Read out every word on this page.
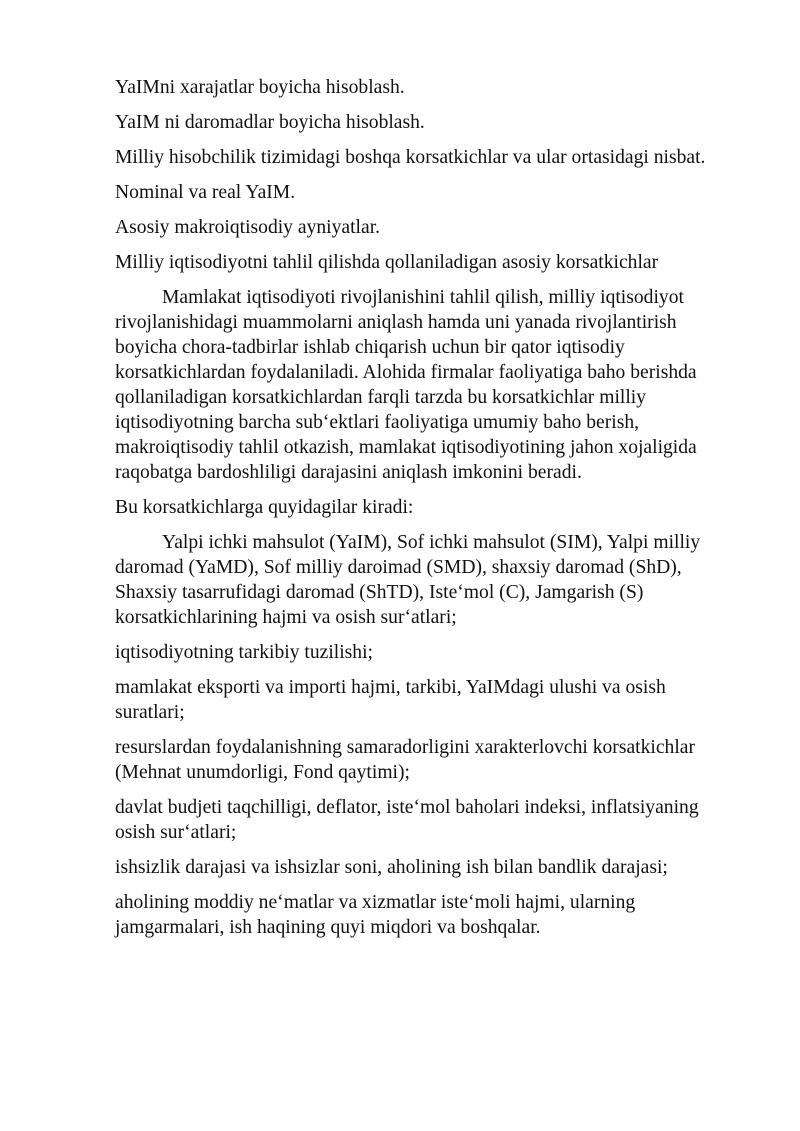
YaIMni xarajatlar boyicha hisoblash.

YaIM ni daromadlar boyicha hisoblash.

Milliy hisobchilik tizimidagi boshqa korsatkichlar va ular ortasidagi nisbat.

Nominal va real YaIM.

Asosiy makroiqtisodiy ayniyatlar.

Milliy iqtisodiyotni tahlil qilishda qollaniladigan asosiy korsatkichlar

Mamlakat iqtisodiyoti rivojlanishini tahlil qilish, milliy iqtisodiyot rivojlanishidagi muammolarni aniqlash hamda uni yanada rivojlantirish boyicha chora-tadbirlar ishlab chiqarish uchun bir qator iqtisodiy korsatkichlardan foydalaniladi. Alohida firmalar faoliyatiga baho berishda qollaniladigan korsatkichlardan farqli tarzda bu korsatkichlar milliy iqtisodiyotning barcha sub‘ektlari faoliyatiga umumiy baho berish, makroiqtisodiy tahlil otkazish, mamlakat iqtisodiyotining jahon xojaligida raqobatga bardoshliligi darajasini aniqlash imkonini beradi.

Bu korsatkichlarga quyidagilar kiradi:

Yalpi ichki mahsulot (YaIM), Sof ichki mahsulot (SIM), Yalpi milliy daromad (YaMD), Sof milliy daroimad (SMD), shaxsiy daromad (ShD), Shaxsiy tasarrufidagi daromad (ShTD), Iste‘mol (C), Jamgarish (S) korsatkichlarining hajmi va osish sur‘atlari;

iqtisodiyotning tarkibiy tuzilishi;

mamlakat eksporti va importi hajmi, tarkibi, YaIMdagi ulushi va osish suratlari;

resurslardan foydalanishning samaradorligini xarakterlovchi korsatkichlar (Mehnat unumdorligi, Fond qaytimi);

davlat budjeti taqchilligi, deflator, iste‘mol baholari indeksi, inflatsiyaning osish sur‘atlari;

ishsizlik darajasi va ishsizlar soni, aholining ish bilan bandlik darajasi;

aholining moddiy ne‘matlar va xizmatlar iste‘moli hajmi, ularning jamgarmalari, ish haqining quyi miqdori va boshqalar.
